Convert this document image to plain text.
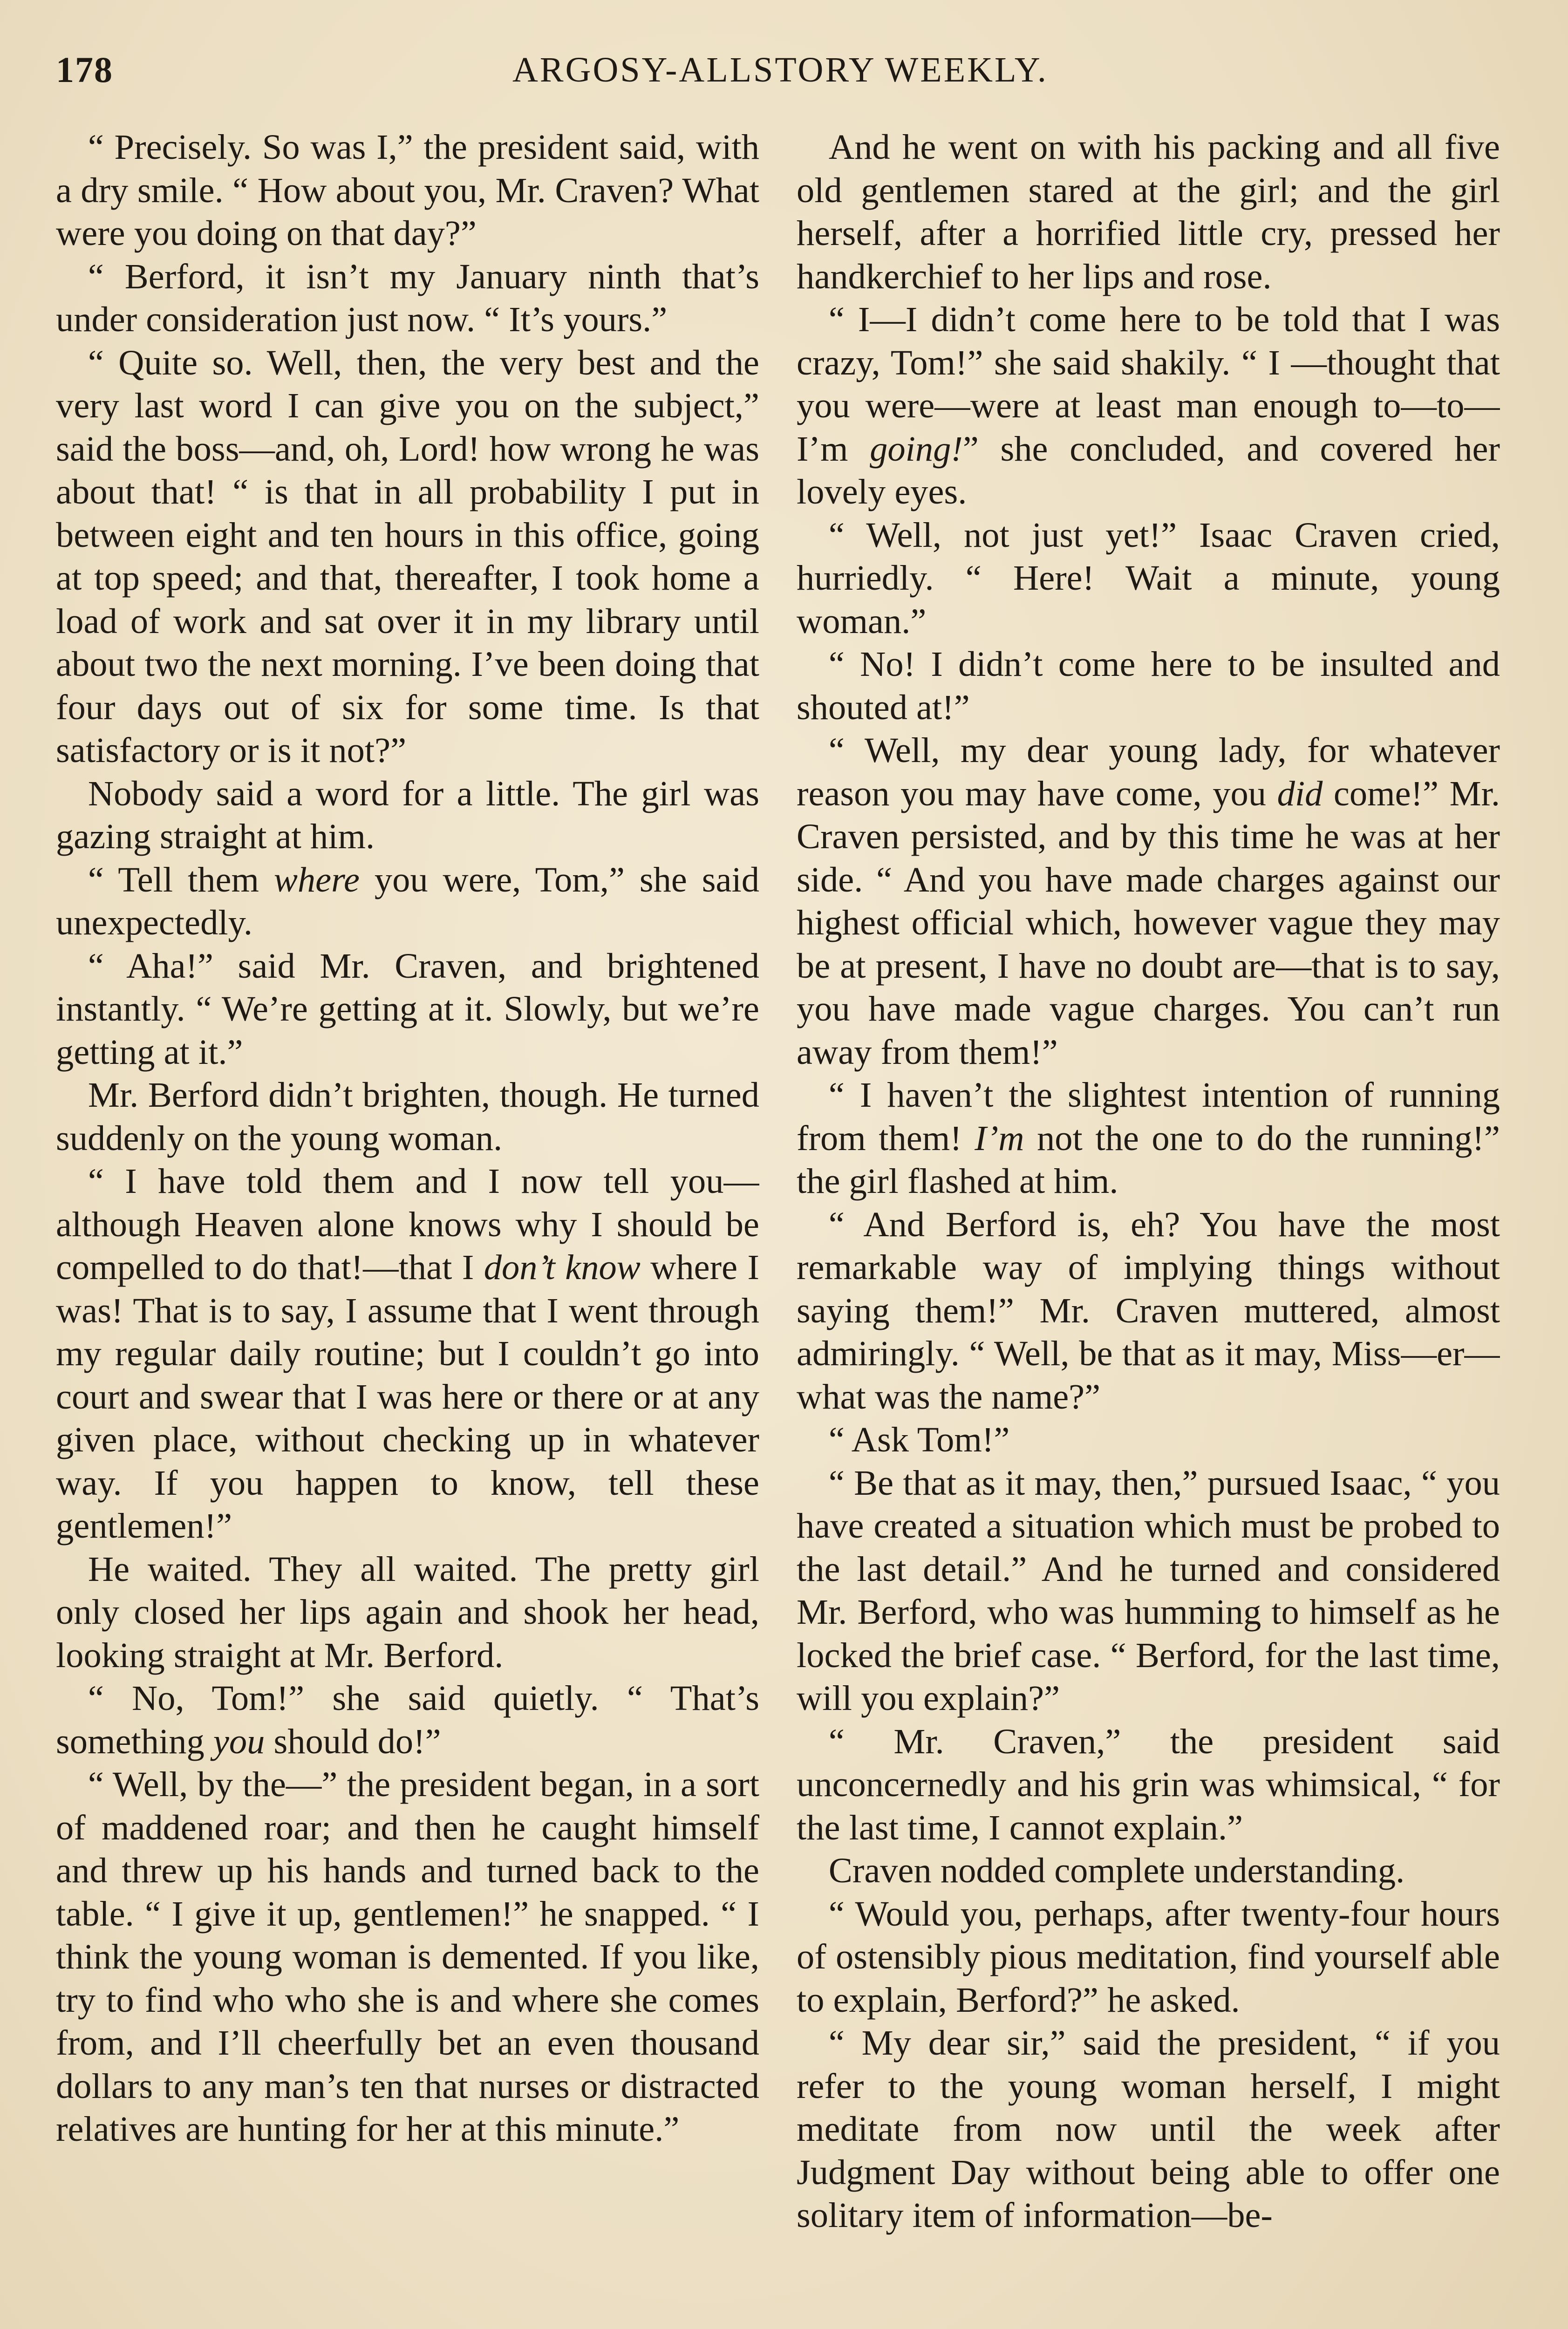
178	ARGOSY-ALLSTORY WEEKLY.

“ Precisely. So was I,” the president said, with a dry smile. “ How about you, Mr. Craven? What were you doing on that day?”

“ Berford, it isn’t my January ninth that’s under consideration just now. “ It’s yours.”

“ Quite so. Well, then, the very best and the very last word I can give you on the subject,” said the boss—and, oh, Lord! how wrong he was about that! “ is that in all probability I put in between eight and ten hours in this office, going at top speed; and that, thereafter, I took home a load of work and sat over it in my library until about two the next morning. I’ve been doing that four days out of six for some time. Is that satisfactory or is it not?”

Nobody said a word for a little. The girl was gazing straight at him.

“ Tell them where you were, Tom,” she said unexpectedly.

“ Aha!” said Mr. Craven, and brightened instantly. “ We’re getting at it. Slowly, but we’re getting at it.”

Mr. Berford didn’t brighten, though. He turned suddenly on the young woman.

“ I have told them and I now tell you—although Heaven alone knows why I should be compelled to do that!—that I don’t know where I was! That is to say, I assume that I went through my regular daily routine; but I couldn’t go into court and swear that I was here or there or at any given place, without checking up in whatever way. If you happen to know, tell these gentlemen!”

He waited. They all waited. The pretty girl only closed her lips again and shook her head, looking straight at Mr. Berford.

“ No, Tom!” she said quietly. “ That’s something you should do!”

“ Well, by the—” the president began, in a sort of maddened roar; and then he caught himself and threw up his hands and turned back to the table. “ I give it up, gentlemen!” he snapped. “ I think the young woman is demented. If you like, try to find who who she is and where she comes from, and I’ll cheerfully bet an even thousand dollars to any man’s ten that nurses or distracted relatives are hunting for her at this minute.”

And he went on with his packing and all five old gentlemen stared at the girl; and the girl herself, after a horrified little cry, pressed her handkerchief to her lips and rose.

“ I—I didn’t come here to be told that I was crazy, Tom!” she said shakily. “ I —thought that you were—were at least man enough to—to—I’m going!” she concluded, and covered her lovely eyes.

“ Well, not just yet!” Isaac Craven cried, hurriedly. “ Here! Wait a minute, young woman.”

“ No! I didn’t come here to be insulted and shouted at!”

“ Well, my dear young lady, for whatever reason you may have come, you did come!” Mr. Craven persisted, and by this time he was at her side. “ And you have made charges against our highest official which, however vague they may be at present, I have no doubt are—that is to say, you have made vague charges. You can’t run away from them!”

“ I haven’t the slightest intention of running from them! I’m not the one to do the running!” the girl flashed at him.

“ And Berford is, eh? You have the most remarkable way of implying things without saying them!” Mr. Craven muttered, almost admiringly. “ Well, be that as it may, Miss—er—what was the name?”

“ Ask Tom!”

“ Be that as it may, then,” pursued Isaac, “ you have created a situation which must be probed to the last detail.” And he turned and considered Mr. Berford, who was humming to himself as he locked the brief case. “ Berford, for the last time, will you explain?”

“ Mr. Craven,” the president said unconcernedly and his grin was whimsical, “ for the last time, I cannot explain.”

Craven nodded complete understanding.

“ Would you, perhaps, after twenty-four hours of ostensibly pious meditation, find yourself able to explain, Berford?” he asked.

“ My dear sir,” said the president, “ if you refer to the young woman herself, I might meditate from now until the week after Judgment Day without being able to offer one solitary item of information—be-
